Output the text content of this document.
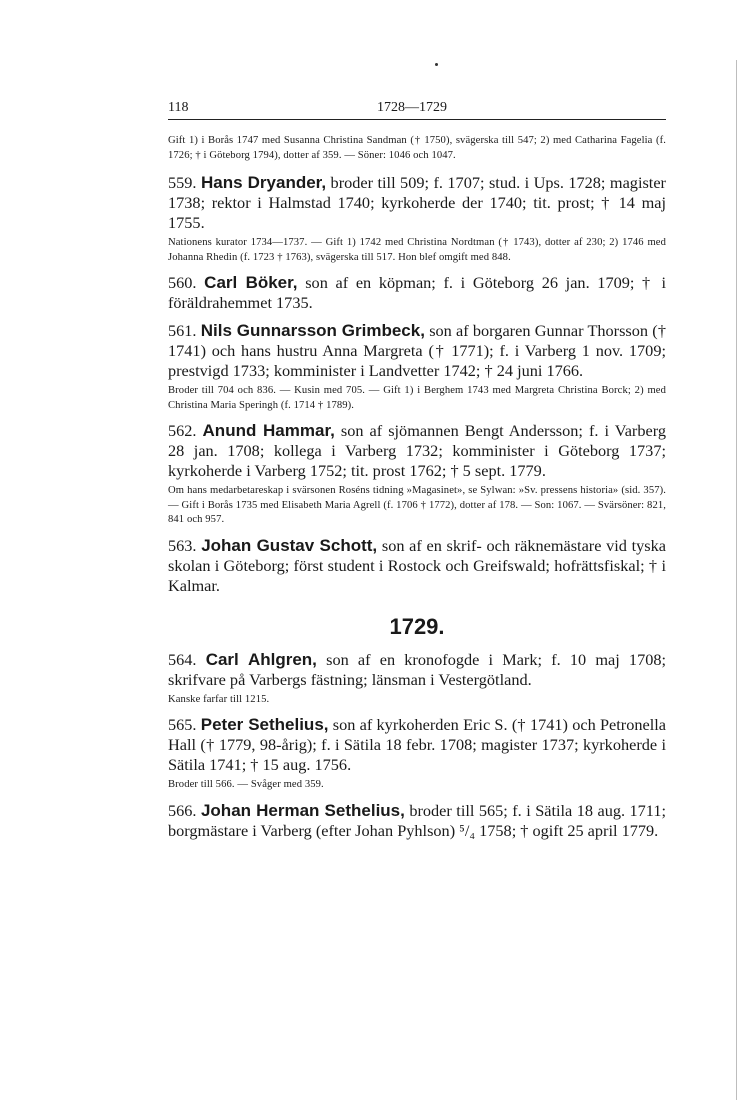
118	1728—1729

Gift 1) i Borås 1747 med Susanna Christina Sandman († 1750), svägerska till 547; 2) med Catharina Fagelia (f. 1726; † i Göteborg 1794), dotter af 359. — Söner: 1046 och 1047.

559. Hans Dryander, broder till 509; f. 1707; stud. i Ups. 1728; magister 1738; rektor i Halmstad 1740; kyrkoherde der 1740; tit. prost; † 14 maj 1755.

Nationens kurator 1734—1737. — Gift 1) 1742 med Christina Nordtman († 1743), dotter af 230; 2) 1746 med Johanna Rhedin (f. 1723 † 1763), svägerska till 517. Hon blef omgift med 848.

560. Carl Böker, son af en köpman; f. i Göteborg 26 jan. 1709; † i föräldrahemmet 1735.

561. Nils Gunnarsson Grimbeck, son af borgaren Gunnar Thorsson († 1741) och hans hustru Anna Margreta († 1771); f. i Varberg 1 nov. 1709; prestvigd 1733; komminister i Landvetter 1742; † 24 juni 1766.

Broder till 704 och 836. — Kusin med 705. — Gift 1) i Berghem 1743 med Margreta Christina Borck; 2) med Christina Maria Speringh (f. 1714 † 1789).

562. Anund Hammar, son af sjömannen Bengt Andersson; f. i Varberg 28 jan. 1708; kollega i Varberg 1732; komminister i Göteborg 1737; kyrkoherde i Varberg 1752; tit. prost 1762; † 5 sept. 1779.

Om hans medarbetareskap i svärsonen Roséns tidning »Magasinet», se Sylwan: »Sv. pressens historia» (sid. 357). — Gift i Borås 1735 med Elisabeth Maria Agrell (f. 1706 † 1772), dotter af 178. — Son: 1067. — Svärsöner: 821, 841 och 957.

563. Johan Gustav Schott, son af en skrif- och räknemästare vid tyska skolan i Göteborg; först student i Rostock och Greifswald; hofrättsfiskal; † i Kalmar.

1729.

564. Carl Ahlgren, son af en kronofogde i Mark; f. 10 maj 1708; skrifvare på Varbergs fästning; länsman i Vestergötland.

Kanske farfar till 1215.

565. Peter Sethelius, son af kyrkoherden Eric S. († 1741) och Petronella Hall († 1779, 98-årig); f. i Sätila 18 febr. 1708; magister 1737; kyrkoherde i Sätila 1741; † 15 aug. 1756.

Broder till 566. — Svåger med 359.

566. Johan Herman Sethelius, broder till 565; f. i Sätila 18 aug. 1711; borgmästare i Varberg (efter Johan Pyhlson) ⁵/₄ 1758; † ogift 25 april 1779.
